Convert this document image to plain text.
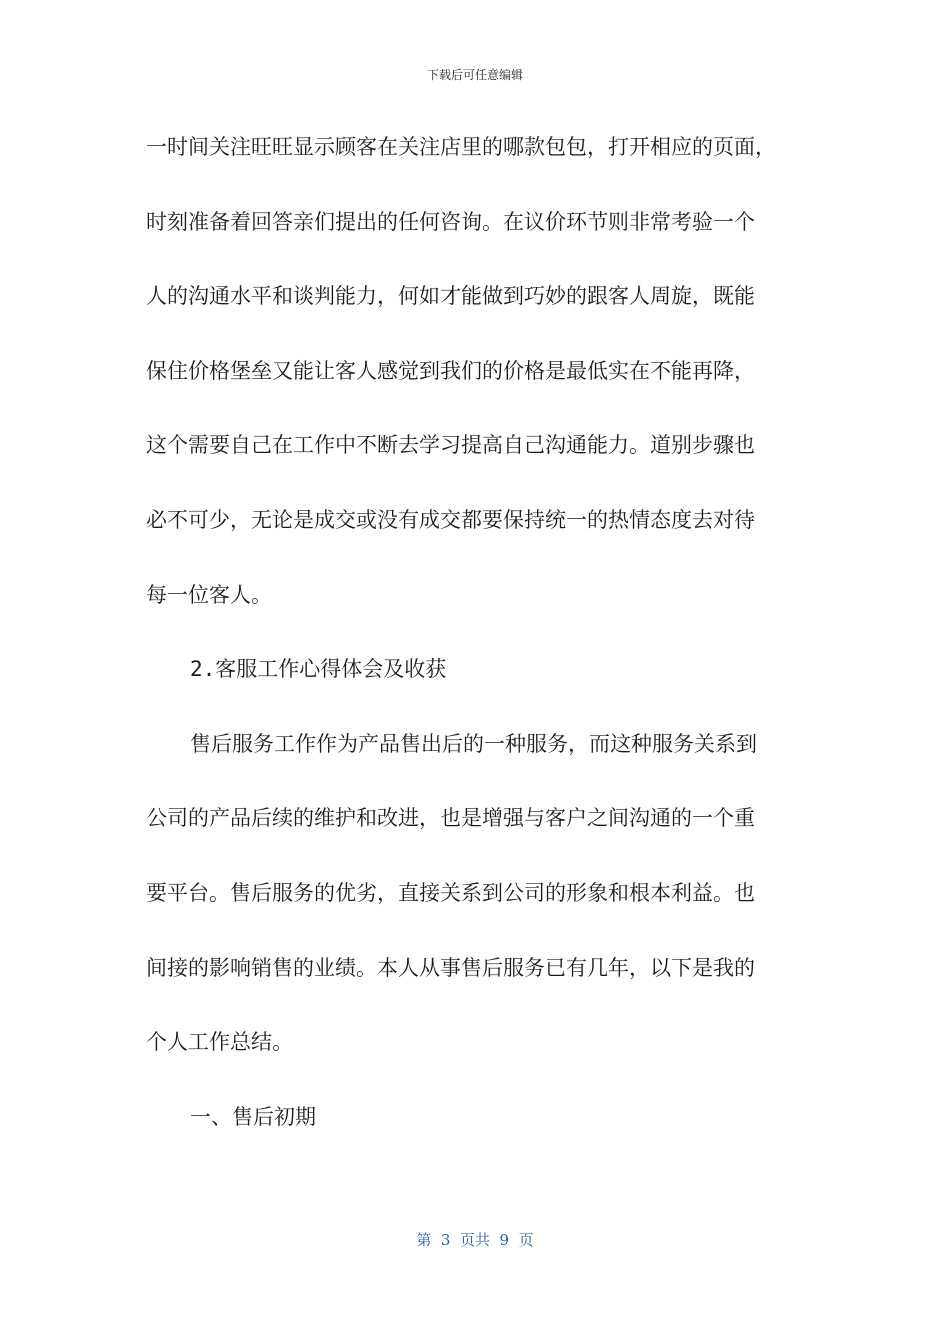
下载后可任意编辑
一时间关注旺旺显示顾客在关注店里的哪款包包，打开相应的页面，
时刻准备着回答亲们提出的任何咨询。在议价环节则非常考验一个
人的沟通水平和谈判能力，何如才能做到巧妙的跟客人周旋，既能
保住价格堡垒又能让客人感觉到我们的价格是最低实在不能再降，
这个需要自己在工作中不断去学习提高自己沟通能力。道别步骤也
必不可少，无论是成交或没有成交都要保持统一的热情态度去对待
每一位客人。
2.客服工作心得体会及收获
售后服务工作作为产品售出后的一种服务，而这种服务关系到
公司的产品后续的维护和改进，也是增强与客户之间沟通的一个重
要平台。售后服务的优劣，直接关系到公司的形象和根本利益。也
间接的影响销售的业绩。本人从事售后服务已有几年，以下是我的
个人工作总结。
一、售后初期
第  3  页共  9  页
